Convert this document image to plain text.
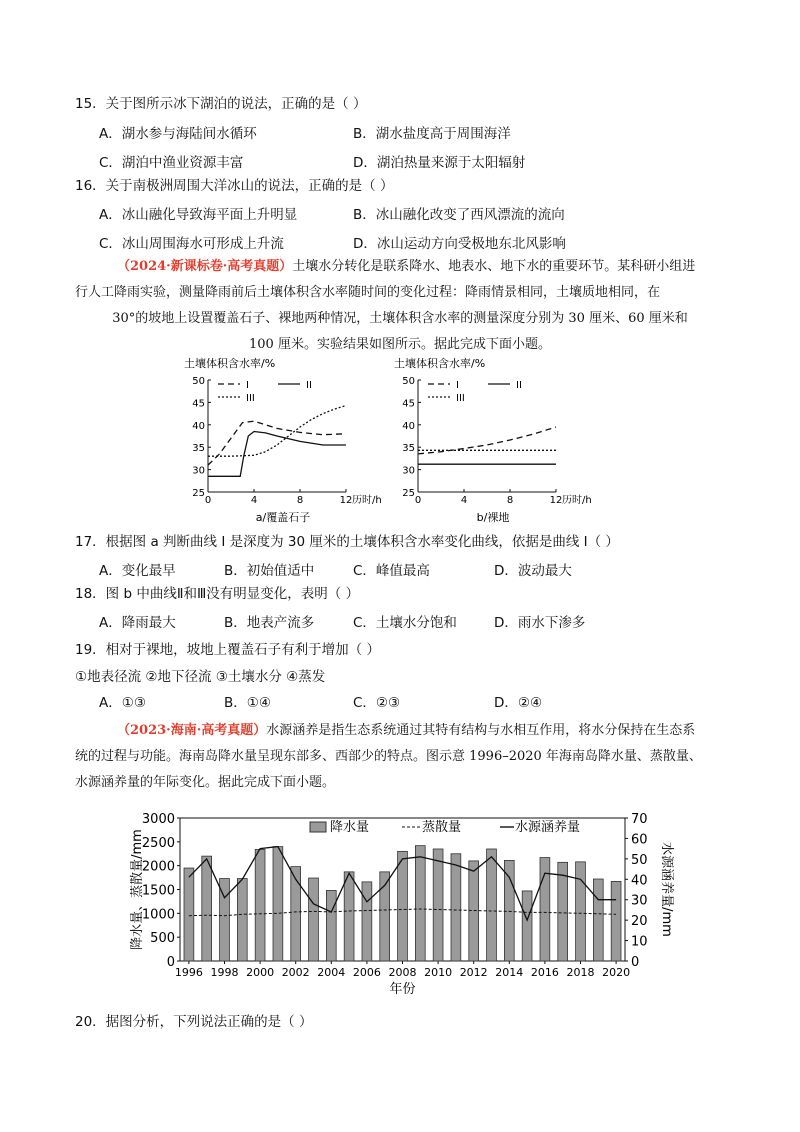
15．关于图所示冰下湖泊的说法，正确的是（ ）
A．湖水参与海陆间水循环	B．湖水盐度高于周围海洋
C．湖泊中渔业资源丰富	D．湖泊热量来源于太阳辐射
16．关于南极洲周围大洋冰山的说法，正确的是（ ）
A．冰山融化导致海平面上升明显	B．冰山融化改变了西风漂流的流向
C．冰山周围海水可形成上升流	D．冰山运动方向受极地东北风影响
（2024·新课标卷·高考真题）土壤水分转化是联系降水、地表水、地下水的重要环节。某科研小组进
行人工降雨实验，测量降雨前后土壤体积含水率随时间的变化过程：降雨情景相同，土壤质地相同，在
30°的坡地上设置覆盖石子、裸地两种情况，土壤体积含水率的测量深度分别为 30 厘米、60 厘米和
100 厘米。实验结果如图所示。据此完成下面小题。
土壤体积含水率/%
25
30
35
40
45
50
0	4	8	12 历时/h
a/覆盖石子
I	II
III
土壤体积含水率/%
25
30
35
40
45
50
0	4	8	12 历时/h
b/裸地
I	II
III
17．根据图 a 判断曲线 I 是深度为 30 厘米的土壤体积含水率变化曲线，依据是曲线 I（ ）
A．变化最早	B．初始值适中	C．峰值最高	D．波动最大
18．图 b 中曲线Ⅱ和Ⅲ没有明显变化，表明（ ）
A．降雨最大	B．地表产流多	C．土壤水分饱和	D．雨水下渗多
19．相对于裸地，坡地上覆盖石子有利于增加（ ）
①地表径流 ②地下径流 ③土壤水分 ④蒸发
A．①③	B．①④	C．②③	D．②④
（2023·海南·高考真题）水源涵养是指生态系统通过其特有结构与水相互作用，将水分保持在生态系
统的过程与功能。海南岛降水量呈现东部多、西部少的特点。图示意 1996–2020 年海南岛降水量、蒸散量、
水源涵养量的年际变化。据此完成下面小题。
0
500
1000
1500
2000
2500
3000
0
10
20
30
40
50
60
70
1996 1998 2000 2002 2004 2006 2008 2010 2012 2014 2016 2018 2020
年份
降水量、蒸散量/mm	水源涵养量/mm
降水量	蒸散量	水源涵养量
20．据图分析，下列说法正确的是（ ）
